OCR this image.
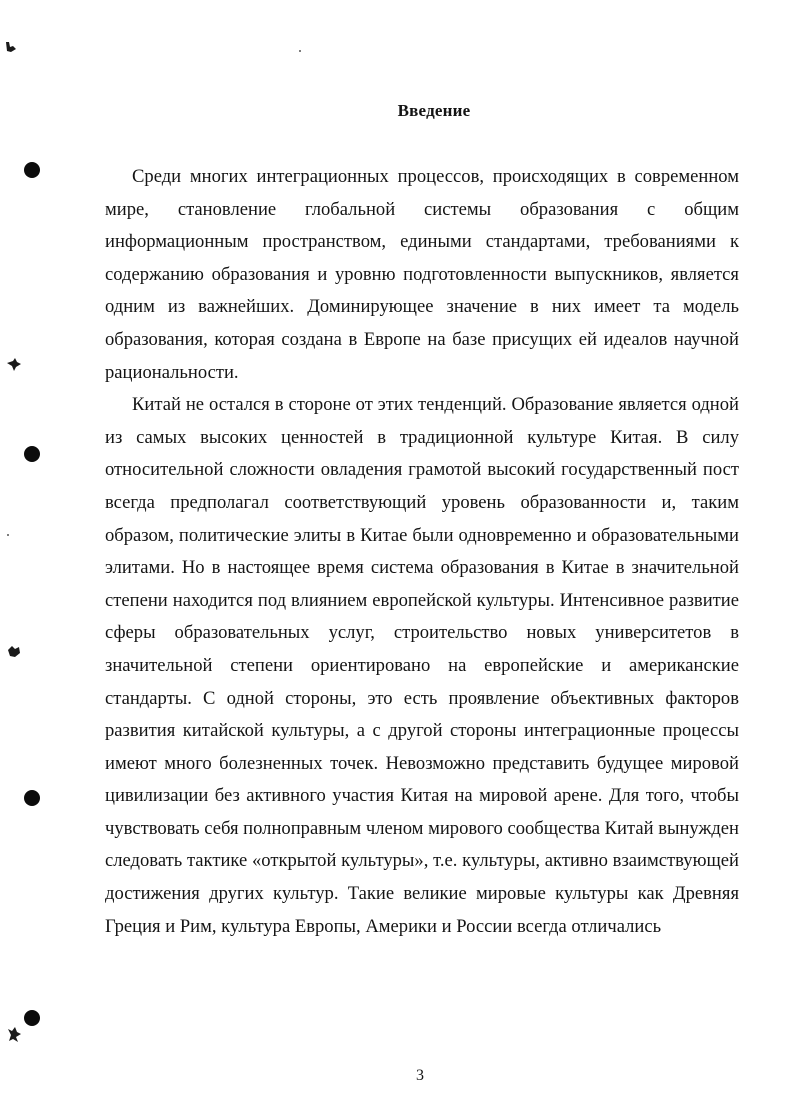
Введение

Среди многих интеграционных процессов, происходящих в современном мире, становление глобальной системы образования с общим информационным пространством, едиными стандартами, требованиями к содержанию образования и уровню подготовленности выпускников, является одним из важнейших. Доминирующее значение в них имеет та модель образования, которая создана в Европе на базе присущих ей идеалов научной рациональности.

Китай не остался в стороне от этих тенденций. Образование является одной из самых высоких ценностей в традиционной культуре Китая. В силу относительной сложности овладения грамотой высокий государственный пост всегда предполагал соответствующий уровень образованности и, таким образом, политические элиты в Китае были одновременно и образовательными элитами. Но в настоящее время система образования в Китае в значительной степени находится под влиянием европейской культуры. Интенсивное развитие сферы образовательных услуг, строительство новых университетов в значительной степени ориентировано на европейские и американские стандарты. С одной стороны, это есть проявление объективных факторов развития китайской культуры, а с другой стороны интеграционные процессы имеют много болезненных точек. Невозможно представить будущее мировой цивилизации без активного участия Китая на мировой арене. Для того, чтобы чувствовать себя полноправным членом мирового сообщества Китай вынужден следовать тактике «открытой культуры», т.е. культуры, активно взаимствующей достижения других культур. Такие великие мировые культуры как Древняя Греция и Рим, культура Европы, Америки и России всегда отличались

3
